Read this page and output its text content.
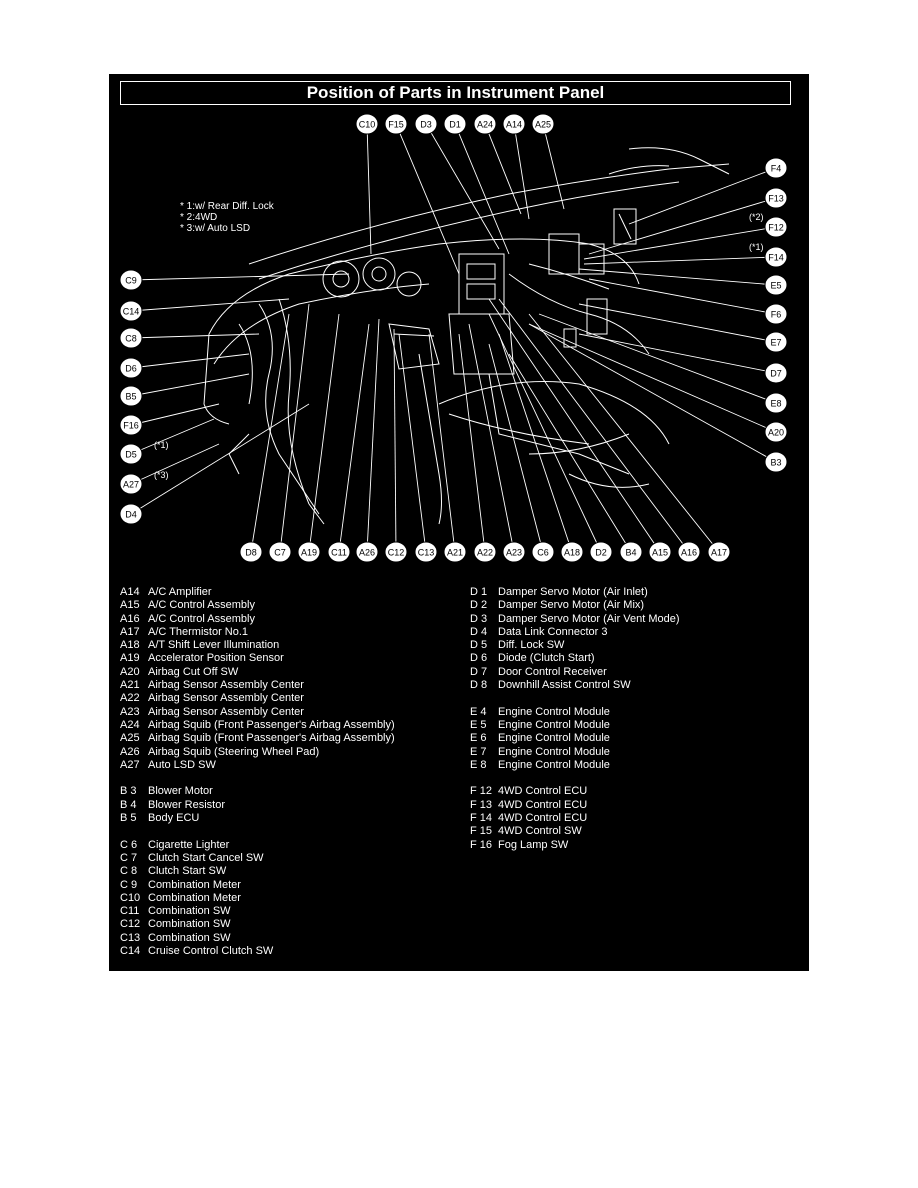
Position of Parts in Instrument Panel
* 1:w/ Rear Diff. Lock
* 2:4WD
* 3:w/ Auto LSD
C10 F15 D3 D1 A24 A14 A25
C9
C14
C8
D6
B5
F16
D5
A27
D4
F4
F13
F12
F14
E5
F6
E7
D7
E8
A20
B3
D8 C7 A19 C11 A26 C12 C13 A21 A22 A23 C6 A18 D2 B4 A15 A16 A17
(*2)
(*1)
(*1)
(*3)
A14 A/C Amplifier
A15 A/C Control Assembly
A16 A/C Control Assembly
A17 A/C Thermistor No.1
A18 A/T Shift Lever Illumination
A19 Accelerator Position Sensor
A20 Airbag Cut Off SW
A21 Airbag Sensor Assembly Center
A22 Airbag Sensor Assembly Center
A23 Airbag Sensor Assembly Center
A24 Airbag Squib (Front Passenger's Airbag Assembly)
A25 Airbag Squib (Front Passenger's Airbag Assembly)
A26 Airbag Squib (Steering Wheel Pad)
A27 Auto LSD SW
B 3 Blower Motor
B 4 Blower Resistor
B 5 Body ECU
C 6 Cigarette Lighter
C 7 Clutch Start Cancel SW
C 8 Clutch Start SW
C 9 Combination Meter
C10 Combination Meter
C11 Combination SW
C12 Combination SW
C13 Combination SW
C14 Cruise Control Clutch SW
D 1 Damper Servo Motor (Air Inlet)
D 2 Damper Servo Motor (Air Mix)
D 3 Damper Servo Motor (Air Vent Mode)
D 4 Data Link Connector 3
D 5 Diff. Lock SW
D 6 Diode (Clutch Start)
D 7 Door Control Receiver
D 8 Downhill Assist Control SW
E 4 Engine Control Module
E 5 Engine Control Module
E 6 Engine Control Module
E 7 Engine Control Module
E 8 Engine Control Module
F 12 4WD Control ECU
F 13 4WD Control ECU
F 14 4WD Control ECU
F 15 4WD Control SW
F 16 Fog Lamp SW
